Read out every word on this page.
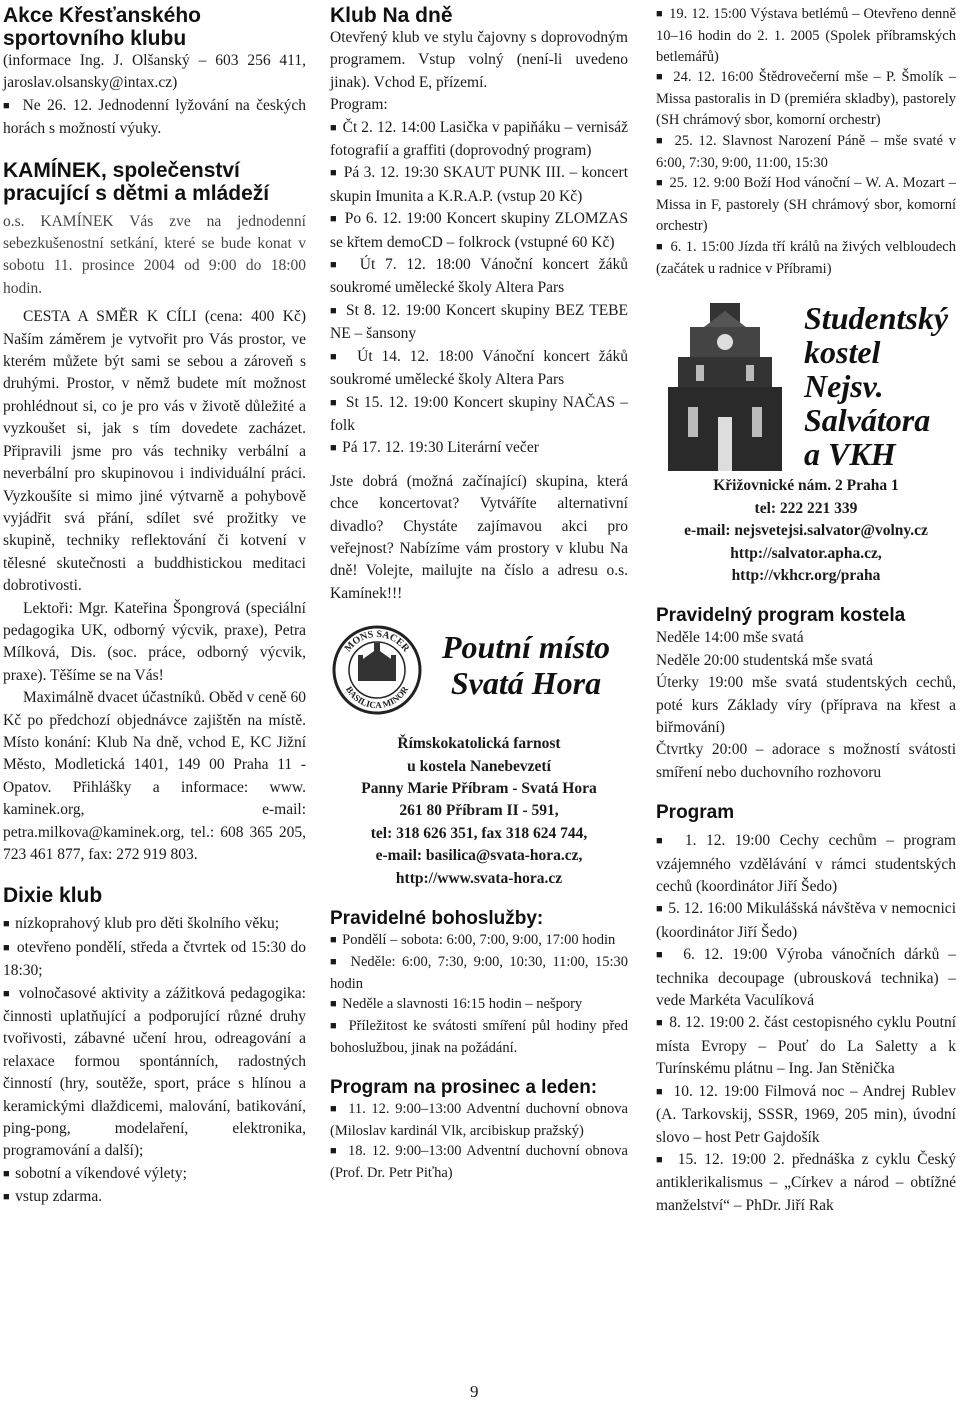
Akce Křesťanského sportovního klubu

(informace Ing. J. Olšanský – 603 256 411, jaroslav.olsansky@intax.cz)

■  Ne 26. 12. Jednodenní lyžování na českých horách s možností výuky.

KAMÍNEK, společenství pracující s dětmi a mládeží

o.s. KAMÍNEK Vás zve na jednodenní sebezkušenostní setkání, které se bude konat v sobotu 11. prosince 2004 od 9:00 do 18:00 hodin.

CESTA A SMĚR K CÍLI (cena: 400 Kč) Naším záměrem je vytvořit pro Vás prostor, ve kterém můžete být sami se sebou a zároveň s druhými. Prostor, v němž budete mít možnost prohlédnout si, co je pro vás v životě důležité a vyzkoušet si, jak s tím dovedete zacházet. Připravili jsme pro vás techniky verbální a neverbální pro skupinovou i individuální práci. Vyzkoušíte si mimo jiné výtvarně a pohybově vyjádřit svá přání, sdílet své prožitky ve skupině, techniky reflektování či kotvení v tělesné skutečnosti a buddhistickou meditaci dobrotivosti.

Lektoři: Mgr. Kateřina Špongrová (speciální pedagogika UK, odborný výcvik, praxe), Petra Mílková, Dis. (soc. práce, odborný výcvik, praxe). Těšíme se na Vás!

Maximálně dvacet účastníků. Oběd v ceně 60 Kč po předchozí objednávce zajištěn na místě. Místo konání: Klub Na dně, vchod E, KC Jižní Město, Modletická 1401, 149 00 Praha 11 - Opatov. Přihlášky a informace: www. kaminek.org, e-mail: petra.milkova@kaminek.org, tel.: 608 365 205, 723 461 877, fax: 272 919 803.

Dixie klub

■  nízkoprahový klub pro děti školního věku;

■  otevřeno pondělí, středa a čtvrtek od 15:30 do 18:30;

■  volnočasové aktivity a zážitková pedagogika: činnosti uplatňující a podporující různé druhy tvořivosti, zábavné učení hrou, odreagování a relaxace formou spontánních, radostných činností (hry, soutěže, sport, práce s hlínou a keramickými dlaždicemi, malování, batikování, ping-pong, modelaření, elektronika, programování a další);

■  sobotní a víkendové výlety;

■  vstup zdarma.

Klub Na dně

Otevřený klub ve stylu čajovny s doprovodným programem. Vstup volný (není-li uvedeno jinak). Vchod E, přízemí.

Program:

■  Čt 2. 12. 14:00 Lasička v papiňáku – vernisáž fotografií a graffiti (doprovodný program)

■  Pá 3. 12. 19:30 SKAUT PUNK III. – koncert skupin Imunita a K.R.A.P. (vstup 20 Kč)

■  Po 6. 12. 19:00 Koncert skupiny ZLOMZAS se křtem demoCD – folkrock (vstupné 60 Kč)

■  Út 7. 12. 18:00 Vánoční koncert žáků soukromé umělecké školy Altera Pars

■  St 8. 12. 19:00 Koncert skupiny BEZ TEBE NE – šansony

■  Út 14. 12. 18:00 Vánoční koncert žáků soukromé umělecké školy Altera Pars

■  St 15. 12. 19:00 Koncert skupiny NAČAS – folk

■  Pá 17. 12. 19:30 Literární večer

Jste dobrá (možná začínající) skupina, která chce koncertovat? Vytváříte alternativní divadlo? Chystáte zajímavou akci pro veřejnost? Nabízíme vám prostory v klubu Na dně! Volejte, mailujte na číslo a adresu o.s. Kamínek!!!

MONS SACER
BASILICA MINOR
Poutní místo
Svatá Hora
Římskokatolická farnost
u kostela Nanebevzetí
Panny Marie Příbram - Svatá Hora
261 80 Příbram II - 591,
tel: 318 626 351, fax 318 624 744,
e-mail: basilica@svata-hora.cz,
http://www.svata-hora.cz
Pravidelné bohoslužby:

■  Pondělí – sobota: 6:00, 7:00, 9:00, 17:00 hodin

■  Neděle: 6:00, 7:30, 9:00, 10:30, 11:00, 15:30 hodin

■  Neděle a slavnosti 16:15 hodin – nešpory

■  Příležitost ke svátosti smíření půl hodiny před bohoslužbou, jinak na požádání.

Program na prosinec a leden:

■  11. 12. 9:00–13:00 Adventní duchovní obnova (Miloslav kardinál Vlk, arcibiskup pražský)

■  18. 12. 9:00–13:00 Adventní duchovní obnova (Prof. Dr. Petr Piťha)

■  19. 12. 15:00 Výstava betlémů – Otevřeno denně 10–16 hodin do 2. 1. 2005 (Spolek příbramských betlemářů)

■  24. 12. 16:00 Štědrovečerní mše – P. Šmolík – Missa pastoralis in D (premiéra skladby), pastorely (SH chrámový sbor, komorní orchestr)

■  25. 12. Slavnost Narození Páně – mše svaté v 6:00, 7:30, 9:00, 11:00, 15:30

■  25. 12. 9:00 Boží Hod vánoční – W. A. Mozart – Missa in F, pastorely (SH chrámový sbor, komorní orchestr)

■  6. 1. 15:00 Jízda tří králů na živých velbloudech (začátek u radnice v Příbrami)

Studentský
kostel
Nejsv.
Salvátora
a VKH
Křižovnické nám. 2 Praha 1
tel: 222 221 339
e-mail: nejsvetejsi.salvator@volny.cz
http://salvator.apha.cz,
http://vkhcr.org/praha
Pravidelný program kostela

Neděle 14:00 mše svatá

Neděle 20:00 studentská mše svatá

Úterky 19:00 mše svatá studentských cechů, poté kurs Základy víry (příprava na křest a biřmování)

Čtvrtky 20:00 – adorace s možností svátosti smíření nebo duchovního rozhovoru

Program

■  1. 12. 19:00 Cechy cechům – program vzájemného vzdělávání v rámci studentských cechů (koordinátor Jiří Šedo)

■  5. 12. 16:00 Mikulášská návštěva v nemocnici (koordinátor Jiří Šedo)

■  6. 12. 19:00 Výroba vánočních dárků – technika decoupage (ubrousková technika) – vede Markéta Vaculíková

■  8. 12. 19:00 2. část cestopisného cyklu Poutní místa Evropy – Pouť do La Saletty a k Turínskému plátnu – Ing. Jan Stěnička

■  10. 12. 19:00 Filmová noc – Andrej Rublev (A. Tarkovskij, SSSR, 1969, 205 min), úvodní slovo – host Petr Gajdošík

■  15. 12. 19:00 2. přednáška z cyklu Český antiklerikalismus – „Církev a národ – obtížné manželství“ – PhDr. Jiří Rak

9
